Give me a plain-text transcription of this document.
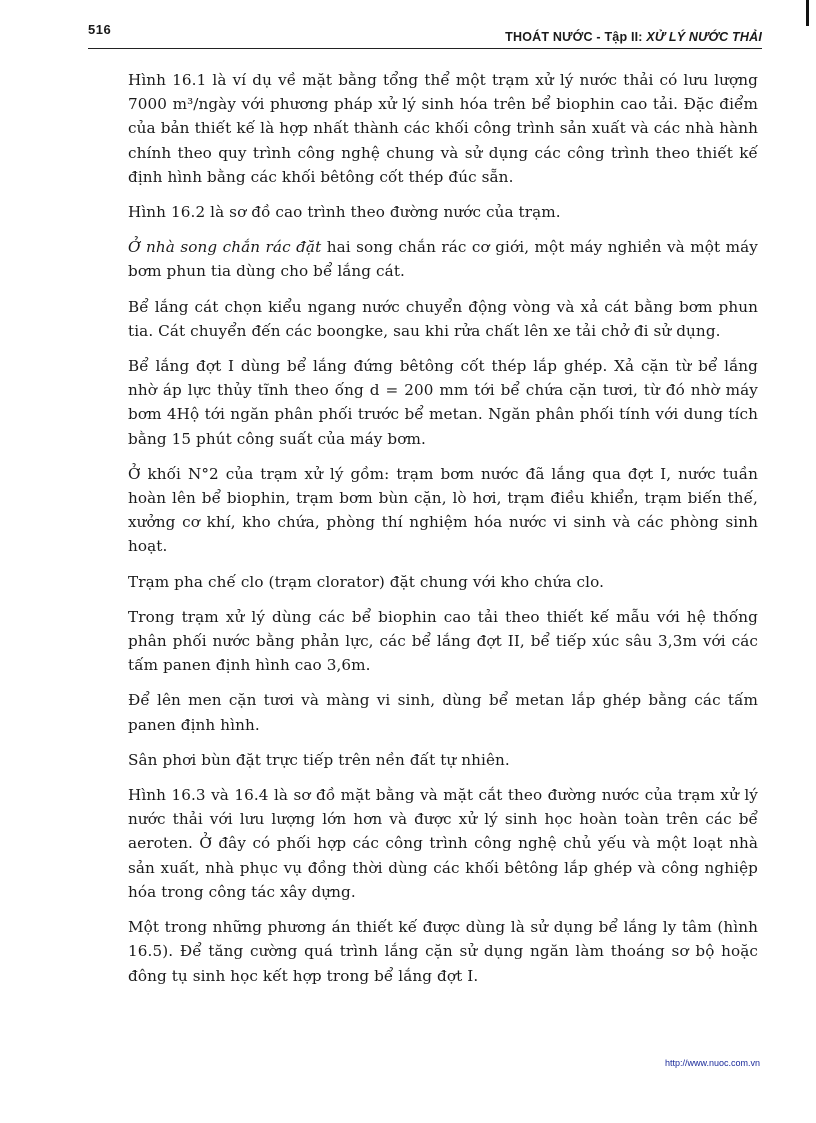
516	THOÁT NƯỚC - Tập II: XỬ LÝ NƯỚC THẢI

Hình 16.1 là ví dụ về mặt bằng tổng thể một trạm xử lý nước thải có lưu lượng 7000 m³/ngày với phương pháp xử lý sinh hóa trên bể biophin cao tải. Đặc điểm của bản thiết kế là hợp nhất thành các khối công trình sản xuất và các nhà hành chính theo quy trình công nghệ chung và sử dụng các công trình theo thiết kế định hình bằng các khối bêtông cốt thép đúc sẵn.

Hình 16.2 là sơ đồ cao trình theo đường nước của trạm.

Ở nhà song chắn rác đặt hai song chắn rác cơ giới, một máy nghiền và một máy bơm phun tia dùng cho bể lắng cát.

Bể lắng cát chọn kiểu ngang nước chuyển động vòng và xả cát bằng bơm phun tia. Cát chuyển đến các boongke, sau khi rửa chất lên xe tải chở đi sử dụng.

Bể lắng đợt I dùng bể lắng đứng bêtông cốt thép lắp ghép. Xả cặn từ bể lắng nhờ áp lực thủy tĩnh theo ống d = 200 mm tới bể chứa cặn tươi, từ đó nhờ máy bơm 4Hộ tới ngăn phân phối trước bể metan. Ngăn phân phối tính với dung tích bằng 15 phút công suất của máy bơm.

Ở khối N°2 của trạm xử lý gồm: trạm bơm nước đã lắng qua đợt I, nước tuần hoàn lên bể biophin, trạm bơm bùn cặn, lò hơi, trạm điều khiển, trạm biến thế, xưởng cơ khí, kho chứa, phòng thí nghiệm hóa nước vi sinh và các phòng sinh hoạt.

Trạm pha chế clo (trạm clorator) đặt chung với kho chứa clo.

Trong trạm xử lý dùng các bể biophin cao tải theo thiết kế mẫu với hệ thống phân phối nước bằng phản lực, các bể lắng đợt II, bể tiếp xúc sâu 3,3m với các tấm panen định hình cao 3,6m.

Để lên men cặn tươi và màng vi sinh, dùng bể metan lắp ghép bằng các tấm panen định hình.

Sân phơi bùn đặt trực tiếp trên nền đất tự nhiên.

Hình 16.3 và 16.4 là sơ đồ mặt bằng và mặt cắt theo đường nước của trạm xử lý nước thải với lưu lượng lớn hơn và được xử lý sinh học hoàn toàn trên các bể aeroten. Ở đây có phối hợp các công trình công nghệ chủ yếu và một loạt nhà sản xuất, nhà phục vụ đồng thời dùng các khối bêtông lắp ghép và công nghiệp hóa trong công tác xây dựng.

Một trong những phương án thiết kế được dùng là sử dụng bể lắng ly tâm (hình 16.5). Để tăng cường quá trình lắng cặn sử dụng ngăn làm thoáng sơ bộ hoặc đông tụ sinh học kết hợp trong bể lắng đợt I.

http://www.nuoc.com.vn
